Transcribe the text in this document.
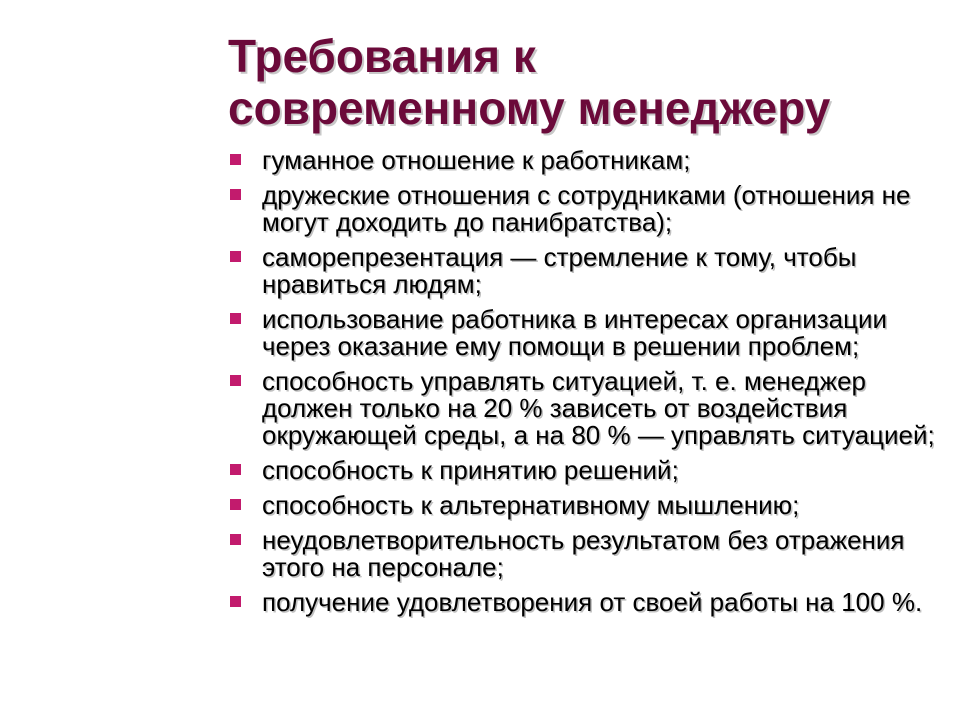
Требования к
современному менеджеру
гуманное отношение к работникам;
дружеские отношения с сотрудниками (отношения не могут доходить до панибратства);
саморепрезентация — стремление к тому, чтобы нравиться людям;
использование работника в интересах организации через оказание ему помощи в решении проблем;
способность управлять ситуацией, т. е. менеджер должен только на 20 % зависеть от воздействия окружающей среды, а на 80 % — управлять ситуацией;
способность к принятию решений;
способность к альтернативному мышлению;
неудовлетворительность результатом без отражения этого на персонале;
получение удовлетворения от своей работы на 100 %.
